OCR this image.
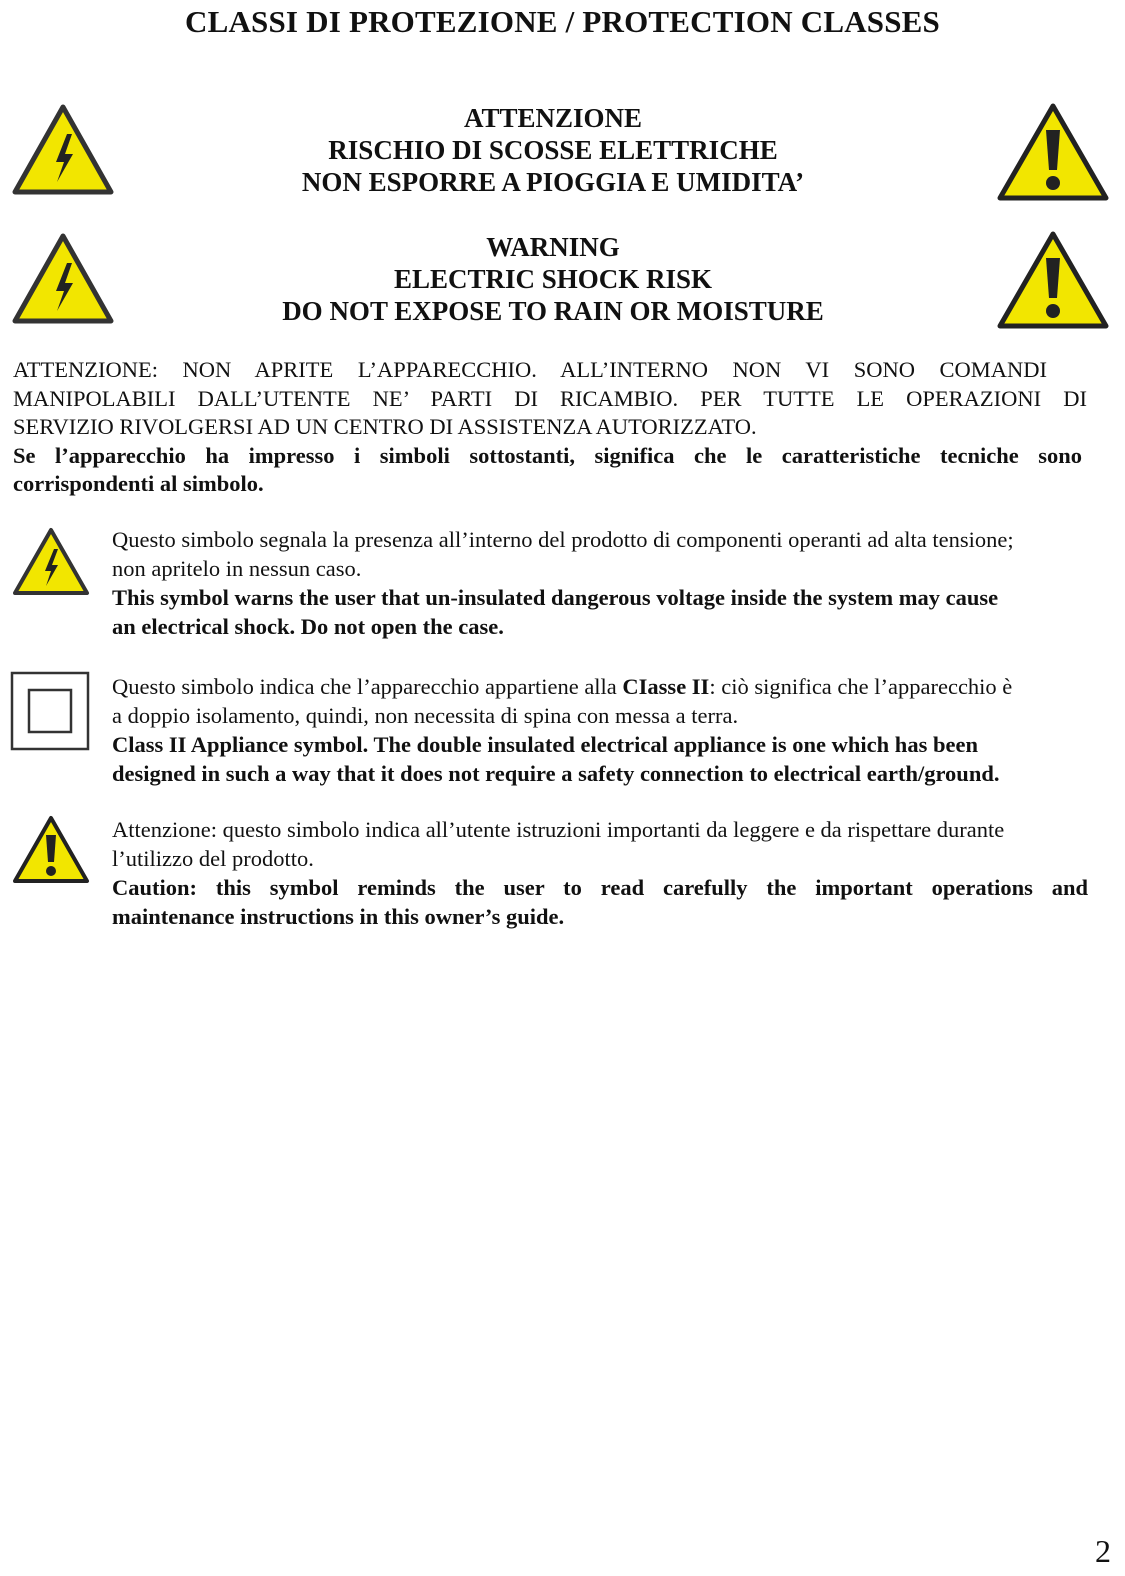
CLASSI DI PROTEZIONE / PROTECTION CLASSES
ATTENZIONE
RISCHIO DI SCOSSE ELETTRICHE
NON ESPORRE A PIOGGIA E UMIDITA’
WARNING
ELECTRIC SHOCK RISK
DO NOT EXPOSE TO RAIN OR MOISTURE
ATTENZIONE: NON APRITE L’APPARECCHIO. ALL’INTERNO NON VI SONO COMANDI
MANIPOLABILI DALL’UTENTE NE’ PARTI DI RICAMBIO. PER TUTTE LE OPERAZIONI DI
SERVIZIO RIVOLGERSI AD UN CENTRO DI ASSISTENZA AUTORIZZATO.
Se l’apparecchio ha impresso i simboli sottostanti, significa che le caratteristiche tecniche sono
corrispondenti al simbolo.
Questo simbolo segnala la presenza all’interno del prodotto di componenti operanti ad alta tensione;
non apritelo in nessun caso.
This symbol warns the user that un-insulated dangerous voltage inside the system may cause
an electrical shock. Do not open the case.
Questo simbolo indica che l’apparecchio appartiene alla CIasse II: ciò significa che l’apparecchio è
a doppio isolamento, quindi, non necessita di spina con messa a terra.
Class II Appliance symbol. The double insulated electrical appliance is one which has been
designed in such a way that it does not require a safety connection to electrical earth/ground.
Attenzione: questo simbolo indica all’utente istruzioni importanti da leggere e da rispettare durante
l’utilizzo del prodotto.
Caution: this symbol reminds the user to read carefully the important operations and
maintenance instructions in this owner’s guide.
2
